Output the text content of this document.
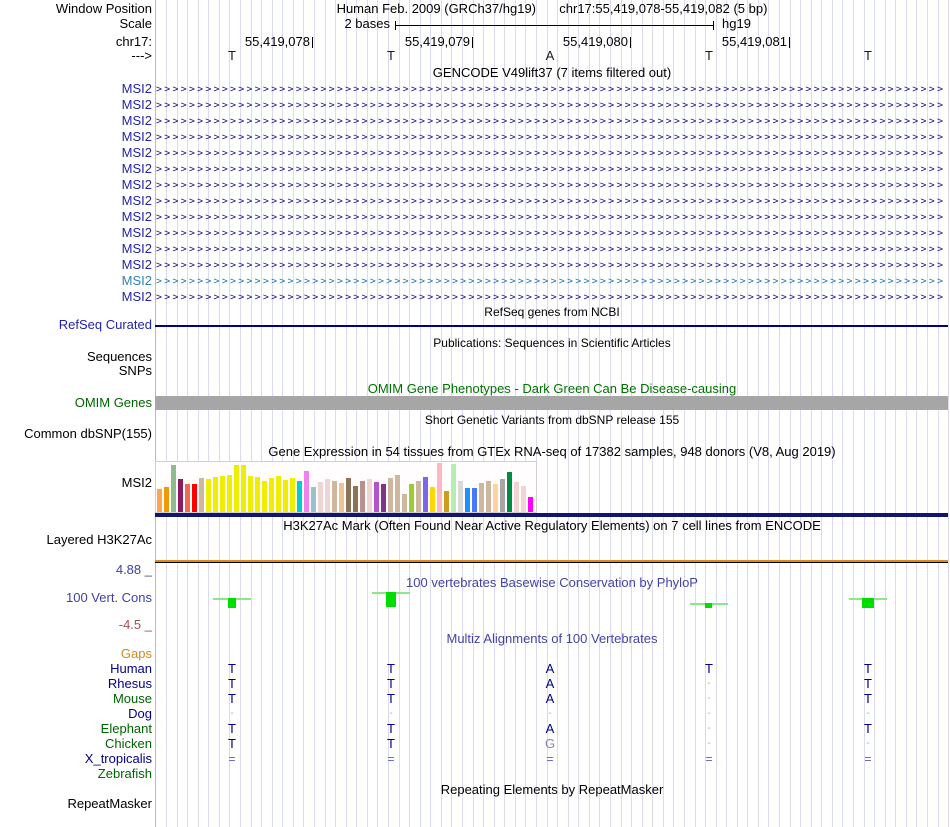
Window Position	Human Feb. 2009 (GRCh37/hg19) chr17:55,419,078-55,419,082 (5 bp)
Scale	2 bases	hg19
chr17:	55,419,078	55,419,079	55,419,080	55,419,081
--->	T	T	A	T	T
GENCODE V49lift37 (7 items filtered out)
MSI2 >>>>>>>>>>>>>>>>>>>>>>>>>>>>>>>>>>>>>>>>>>>>>>>>>>>>>>>>>>>>>>>>>>>>>>>>>>>>>>>>>>>>>>>>>>>>>>>>
MSI2 >>>>>>>>>>>>>>>>>>>>>>>>>>>>>>>>>>>>>>>>>>>>>>>>>>>>>>>>>>>>>>>>>>>>>>>>>>>>>>>>>>>>>>>>>>>>>>>>
MSI2 >>>>>>>>>>>>>>>>>>>>>>>>>>>>>>>>>>>>>>>>>>>>>>>>>>>>>>>>>>>>>>>>>>>>>>>>>>>>>>>>>>>>>>>>>>>>>>>>
MSI2 >>>>>>>>>>>>>>>>>>>>>>>>>>>>>>>>>>>>>>>>>>>>>>>>>>>>>>>>>>>>>>>>>>>>>>>>>>>>>>>>>>>>>>>>>>>>>>>>
MSI2 >>>>>>>>>>>>>>>>>>>>>>>>>>>>>>>>>>>>>>>>>>>>>>>>>>>>>>>>>>>>>>>>>>>>>>>>>>>>>>>>>>>>>>>>>>>>>>>>
MSI2 >>>>>>>>>>>>>>>>>>>>>>>>>>>>>>>>>>>>>>>>>>>>>>>>>>>>>>>>>>>>>>>>>>>>>>>>>>>>>>>>>>>>>>>>>>>>>>>>
MSI2 >>>>>>>>>>>>>>>>>>>>>>>>>>>>>>>>>>>>>>>>>>>>>>>>>>>>>>>>>>>>>>>>>>>>>>>>>>>>>>>>>>>>>>>>>>>>>>>>
MSI2 >>>>>>>>>>>>>>>>>>>>>>>>>>>>>>>>>>>>>>>>>>>>>>>>>>>>>>>>>>>>>>>>>>>>>>>>>>>>>>>>>>>>>>>>>>>>>>>>
MSI2 >>>>>>>>>>>>>>>>>>>>>>>>>>>>>>>>>>>>>>>>>>>>>>>>>>>>>>>>>>>>>>>>>>>>>>>>>>>>>>>>>>>>>>>>>>>>>>>>
MSI2 >>>>>>>>>>>>>>>>>>>>>>>>>>>>>>>>>>>>>>>>>>>>>>>>>>>>>>>>>>>>>>>>>>>>>>>>>>>>>>>>>>>>>>>>>>>>>>>>
MSI2 >>>>>>>>>>>>>>>>>>>>>>>>>>>>>>>>>>>>>>>>>>>>>>>>>>>>>>>>>>>>>>>>>>>>>>>>>>>>>>>>>>>>>>>>>>>>>>>>
MSI2 >>>>>>>>>>>>>>>>>>>>>>>>>>>>>>>>>>>>>>>>>>>>>>>>>>>>>>>>>>>>>>>>>>>>>>>>>>>>>>>>>>>>>>>>>>>>>>>>
MSI2 >>>>>>>>>>>>>>>>>>>>>>>>>>>>>>>>>>>>>>>>>>>>>>>>>>>>>>>>>>>>>>>>>>>>>>>>>>>>>>>>>>>>>>>>>>>>>>>>
MSI2 >>>>>>>>>>>>>>>>>>>>>>>>>>>>>>>>>>>>>>>>>>>>>>>>>>>>>>>>>>>>>>>>>>>>>>>>>>>>>>>>>>>>>>>>>>>>>>>>
RefSeq genes from NCBI
RefSeq Curated
Publications: Sequences in Scientific Articles
Sequences
SNPs
OMIM Gene Phenotypes - Dark Green Can Be Disease-causing
OMIM Genes
Short Genetic Variants from dbSNP release 155
Common dbSNP(155)
Gene Expression in 54 tissues from GTEx RNA-seq of 17382 samples, 948 donors (V8, Aug 2019)
MSI2
H3K27Ac Mark (Often Found Near Active Regulatory Elements) on 7 cell lines from ENCODE
Layered H3K27Ac
4.88 _
100 vertebrates Basewise Conservation by PhyloP
100 Vert. Cons
-4.5 _
Multiz Alignments of 100 Vertebrates
Gaps
Human	T	T	A	T	T
Rhesus	T	T	A	-	T
Mouse	T	T	A	-	T
Dog	-	-	-	-	-
Elephant	T	T	A	-	T
Chicken	T	T	G	-	-
X_tropicalis	=	=	=	=	=
Zebrafish
Repeating Elements by RepeatMasker
RepeatMasker
